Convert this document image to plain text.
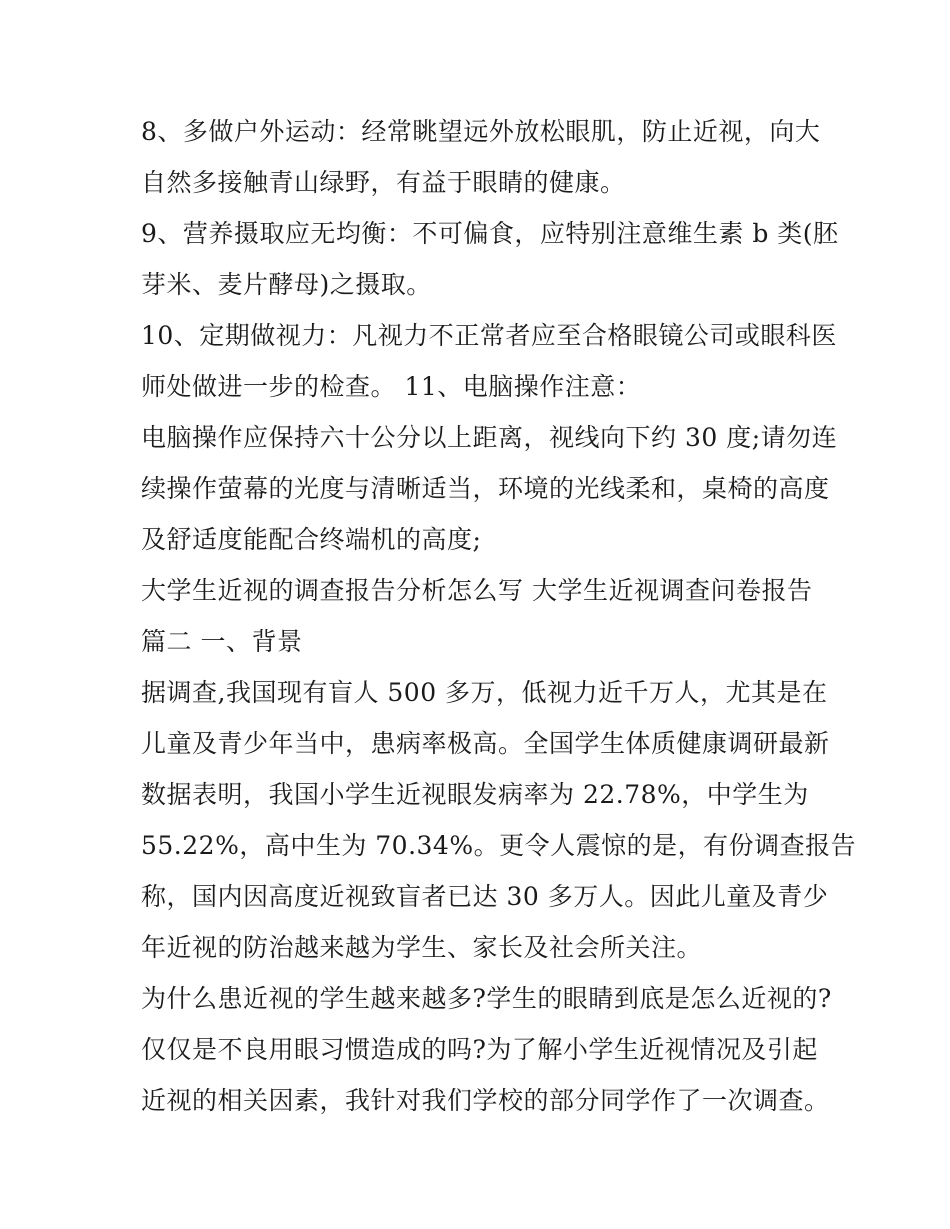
8、多做户外运动：经常眺望远外放松眼肌，防止近视，向大
自然多接触青山绿野，有益于眼睛的健康。
9、营养摄取应无均衡：不可偏食，应特别注意维生素 b 类(胚
芽米、麦片酵母)之摄取。
10、定期做视力：凡视力不正常者应至合格眼镜公司或眼科医
师处做进一步的检查。 11、电脑操作注意：
电脑操作应保持六十公分以上距离，视线向下约 30 度;请勿连
续操作萤幕的光度与清晰适当，环境的光线柔和，桌椅的高度
及舒适度能配合终端机的高度;
大学生近视的调查报告分析怎么写 大学生近视调查问卷报告
篇二 一、背景
据调查,我国现有盲人 500 多万，低视力近千万人，尤其是在
儿童及青少年当中，患病率极高。全国学生体质健康调研最新
数据表明，我国小学生近视眼发病率为 22.78%，中学生为
55.22%，高中生为 70.34%。更令人震惊的是，有份调查报告
称，国内因高度近视致盲者已达 30 多万人。因此儿童及青少
年近视的防治越来越为学生、家长及社会所关注。
为什么患近视的学生越来越多?学生的眼睛到底是怎么近视的?
仅仅是不良用眼习惯造成的吗?为了解小学生近视情况及引起
近视的相关因素，我针对我们学校的部分同学作了一次调查。
